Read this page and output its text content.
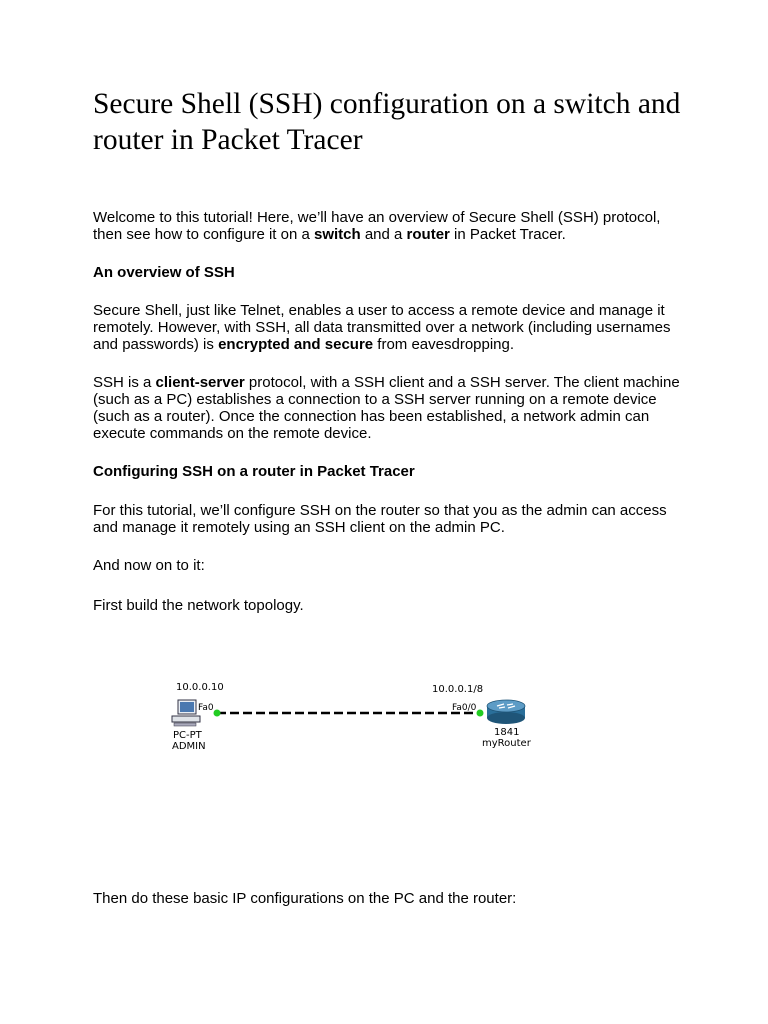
Secure Shell (SSH) configuration on a switch and router in Packet Tracer

Welcome to this tutorial! Here, we’ll have an overview of Secure Shell (SSH) protocol, then see how to configure it on a switch and a router in Packet Tracer.

An overview of SSH

Secure Shell, just like Telnet, enables a user to access a remote device and manage it remotely. However, with SSH, all data transmitted over a network (including usernames and passwords) is encrypted and secure from eavesdropping.

SSH is a client-server protocol, with a SSH client and a SSH server. The client machine (such as a PC) establishes a connection to a SSH server running on a remote device (such as a router). Once the connection has been established, a network admin can execute commands on the remote device.

Configuring SSH on a router in Packet Tracer

For this tutorial, we’ll configure SSH on the router so that you as the admin can access and manage it remotely using an SSH client on the admin PC.

And now on to it:

First build the network topology.

10.0.0.10
Fa0
PC-PT
ADMIN
10.0.0.1/8
Fa0/0
1841
myRouter

Then do these basic IP configurations on the PC and the router:
